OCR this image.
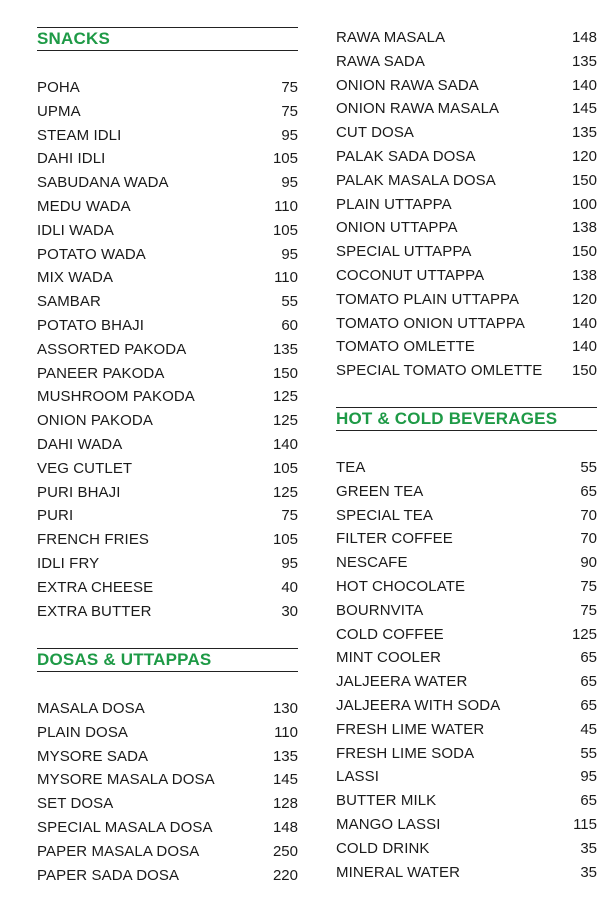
SNACKS
POHA	75
UPMA	75
STEAM IDLI	95
DAHI IDLI	105
SABUDANA WADA	95
MEDU WADA	110
IDLI WADA	105
POTATO WADA	95
MIX WADA	110
SAMBAR	55
POTATO BHAJI	60
ASSORTED PAKODA	135
PANEER PAKODA	150
MUSHROOM PAKODA	125
ONION PAKODA	125
DAHI WADA	140
VEG CUTLET	105
PURI BHAJI	125
PURI	75
FRENCH FRIES	105
IDLI FRY	95
EXTRA CHEESE	40
EXTRA BUTTER	30
DOSAS & UTTAPPAS
MASALA DOSA	130
PLAIN DOSA	110
MYSORE SADA	135
MYSORE MASALA DOSA	145
SET DOSA	128
SPECIAL MASALA DOSA	148
PAPER MASALA DOSA	250
PAPER SADA DOSA	220
RAWA MASALA	148
RAWA SADA	135
ONION RAWA SADA	140
ONION RAWA MASALA	145
CUT DOSA	135
PALAK SADA DOSA	120
PALAK MASALA DOSA	150
PLAIN UTTAPPA	100
ONION UTTAPPA	138
SPECIAL UTTAPPA	150
COCONUT UTTAPPA	138
TOMATO PLAIN UTTAPPA	120
TOMATO ONION UTTAPPA	140
TOMATO OMLETTE	140
SPECIAL TOMATO OMLETTE 150
HOT & COLD BEVERAGES
TEA	55
GREEN TEA	65
SPECIAL TEA	70
FILTER COFFEE	70
NESCAFE	90
HOT CHOCOLATE	75
BOURNVITA	75
COLD COFFEE	125
MINT COOLER	65
JALJEERA WATER	65
JALJEERA WITH SODA	65
FRESH LIME WATER	45
FRESH LIME SODA	55
LASSI	95
BUTTER MILK	65
MANGO LASSI	115
COLD DRINK	35
MINERAL WATER	35
